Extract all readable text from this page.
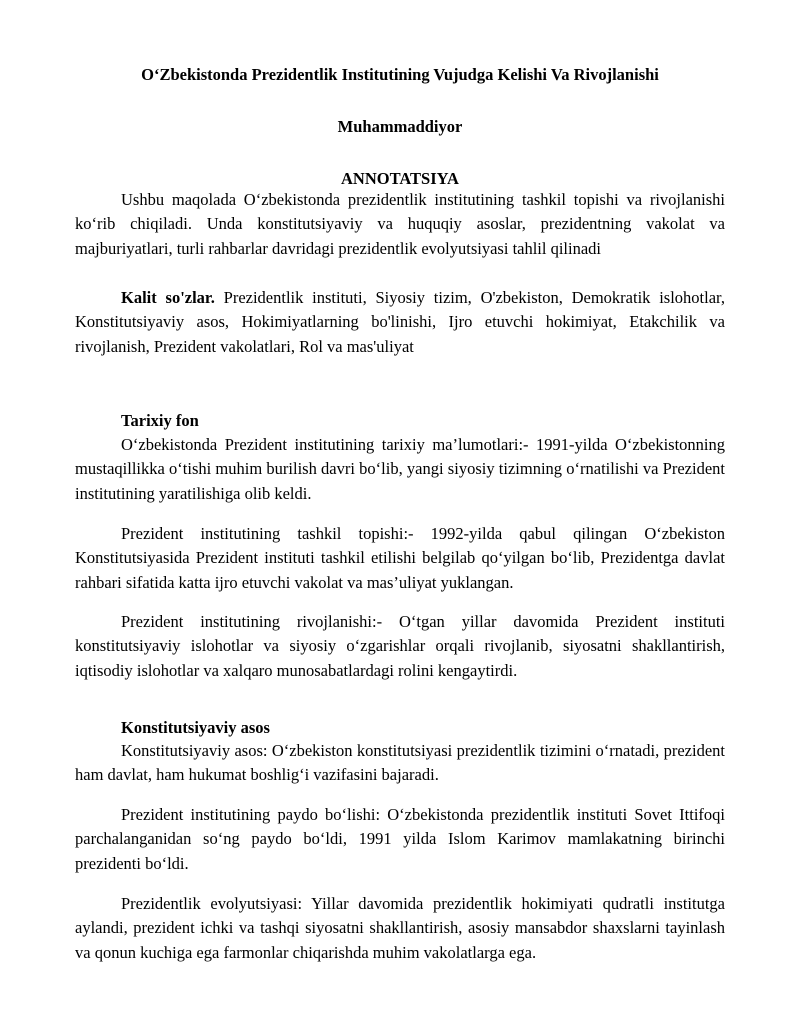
O‘Zbekistonda Prezidentlik Institutining Vujudga Kelishi Va Rivojlanishi
Muhammaddiyor
ANNOTATSIYA

Ushbu maqolada O‘zbekistonda prezidentlik institutining tashkil topishi va rivojlanishi ko‘rib chiqiladi. Unda konstitutsiyaviy va huquqiy asoslar, prezidentning vakolat va majburiyatlari, turli rahbarlar davridagi prezidentlik evolyutsiyasi tahlil qilinadi

Kalit so'zlar. Prezidentlik instituti, Siyosiy tizim, O'zbekiston, Demokratik islohotlar, Konstitutsiyaviy asos, Hokimiyatlarning bo'linishi, Ijro etuvchi hokimiyat, Etakchilik va rivojlanish, Prezident vakolatlari, Rol va mas'uliyat

Tarixiy fon

O‘zbekistonda Prezident institutining tarixiy ma’lumotlari:- 1991-yilda O‘zbekistonning mustaqillikka o‘tishi muhim burilish davri bo‘lib, yangi siyosiy tizimning o‘rnatilishi va Prezident institutining yaratilishiga olib keldi.

Prezident institutining tashkil topishi:- 1992-yilda qabul qilingan O‘zbekiston Konstitutsiyasida Prezident instituti tashkil etilishi belgilab qo‘yilgan bo‘lib, Prezidentga davlat rahbari sifatida katta ijro etuvchi vakolat va mas’uliyat yuklangan.

Prezident institutining rivojlanishi:- O‘tgan yillar davomida Prezident instituti konstitutsiyaviy islohotlar va siyosiy o‘zgarishlar orqali rivojlanib, siyosatni shakllantirish, iqtisodiy islohotlar va xalqaro munosabatlardagi rolini kengaytirdi.

Konstitutsiyaviy asos

Konstitutsiyaviy asos: O‘zbekiston konstitutsiyasi prezidentlik tizimini o‘rnatadi, prezident ham davlat, ham hukumat boshlig‘i vazifasini bajaradi.

Prezident institutining paydo bo‘lishi: O‘zbekistonda prezidentlik instituti Sovet Ittifoqi parchalanganidan so‘ng paydo bo‘ldi, 1991 yilda Islom Karimov mamlakatning birinchi prezidenti bo‘ldi.

Prezidentlik evolyutsiyasi: Yillar davomida prezidentlik hokimiyati qudratli institutga aylandi, prezident ichki va tashqi siyosatni shakllantirish, asosiy mansabdor shaxslarni tayinlash va qonun kuchiga ega farmonlar chiqarishda muhim vakolatlarga ega.
